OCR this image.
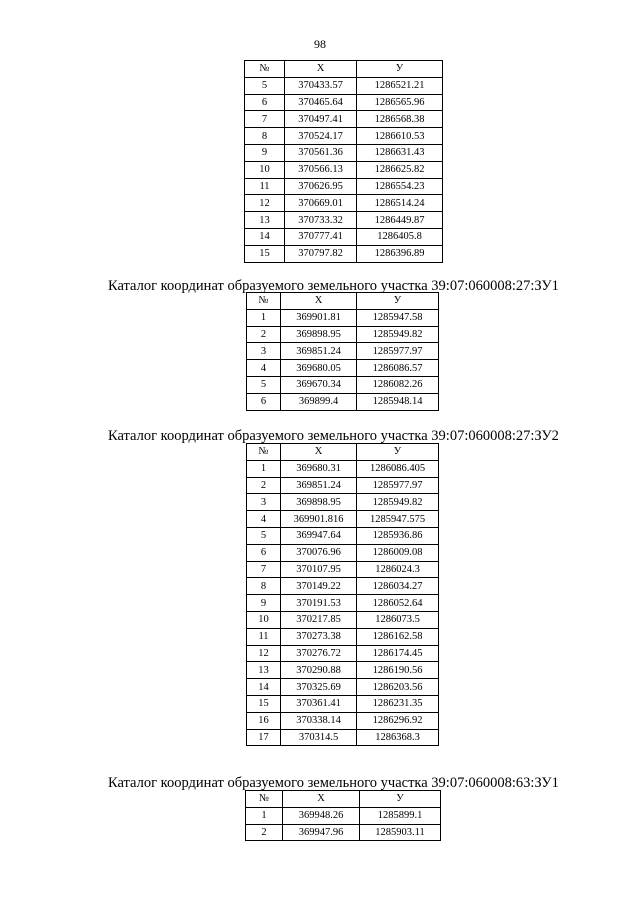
98
№	X	У
5	370433.57	1286521.21
6	370465.64	1286565.96
7	370497.41	1286568.38
8	370524.17	1286610.53
9	370561.36	1286631.43
10	370566.13	1286625.82
11	370626.95	1286554.23
12	370669.01	1286514.24
13	370733.32	1286449.87
14	370777.41	1286405.8
15	370797.82	1286396.89
Каталог координат образуемого земельного участка 39:07:060008:27:ЗУ1
№	X	У
1	369901.81	1285947.58
2	369898.95	1285949.82
3	369851.24	1285977.97
4	369680.05	1286086.57
5	369670.34	1286082.26
6	369899.4	1285948.14
Каталог координат образуемого земельного участка 39:07:060008:27:ЗУ2
№	X	У
1	369680.31	1286086.405
2	369851.24	1285977.97
3	369898.95	1285949.82
4	369901.816	1285947.575
5	369947.64	1285936.86
6	370076.96	1286009.08
7	370107.95	1286024.3
8	370149.22	1286034.27
9	370191.53	1286052.64
10	370217.85	1286073.5
11	370273.38	1286162.58
12	370276.72	1286174.45
13	370290.88	1286190.56
14	370325.69	1286203.56
15	370361.41	1286231.35
16	370338.14	1286296.92
17	370314.5	1286368.3
Каталог координат образуемого земельного участка 39:07:060008:63:ЗУ1
№	X	У
1	369948.26	1285899.1
2	369947.96	1285903.11
